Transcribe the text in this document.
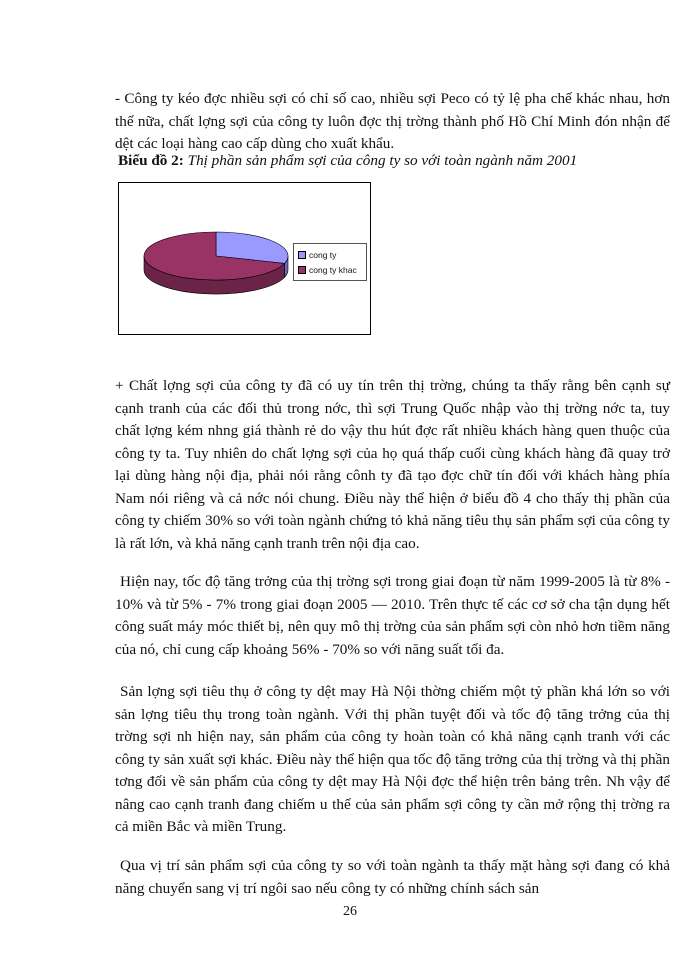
- Công ty kéo đợc nhiều sợi có chỉ số cao, nhiều sợi Peco có tỷ lệ pha chế khác nhau, hơn thế nữa, chất lợng sợi của công ty luôn đợc thị trờng thành phố Hồ Chí Minh đón nhận để dệt các loại hàng cao cấp dùng cho xuất khẩu.

Biểu đồ 2: Thị phần sản phẩm sợi của công ty so với toàn ngành năm 2001
cong ty
cong ty khac

+ Chất lợng sợi của công ty đã có uy tín trên thị trờng, chúng ta thấy rằng bên cạnh sự cạnh tranh của các đối thủ trong nớc, thì sợi Trung Quốc nhập vào thị trờng nớc ta, tuy chất lợng kém nhng giá thành rẻ do vậy thu hút đợc rất nhiều khách hàng quen thuộc của công ty ta. Tuy nhiên do chất lợng sợi của họ quá thấp cuối cùng khách hàng đã quay trở lại dùng hàng nội địa, phải nói rằng cônh ty đã tạo đợc chữ tín đối với khách hàng phía Nam nói riêng và cả nớc nói chung. Điều này thể hiện ở biểu đồ 4 cho thấy thị phần của công ty chiếm 30% so với toàn ngành chứng tỏ khả năng tiêu thụ sản phẩm sợi của công ty là rất lớn, và khả năng cạnh tranh trên nội địa cao.

Hiện nay, tốc độ tăng trởng của thị trờng sợi trong giai đoạn từ năm 1999-2005 là từ 8% - 10% và từ 5% - 7% trong giai đoạn 2005 — 2010. Trên thực tế các cơ sở cha tận dụng hết công suất máy móc thiết bị, nên quy mô thị trờng của sản phẩm sợi còn nhỏ hơn tiềm năng của nó, chỉ cung cấp khoảng 56% - 70% so với năng suất tối đa.

Sản lợng sợi tiêu thụ ở công ty dệt may Hà Nội thờng chiếm một tỷ phần khá lớn so với sản lợng tiêu thụ trong toàn ngành. Với thị phần tuyệt đối và tốc độ tăng trởng của thị trờng sợi nh hiện nay, sản phẩm của công ty hoàn toàn có khả năng cạnh tranh với các công ty sản xuất sợi khác. Điều này thể hiện qua tốc độ tăng trởng của thị trờng và thị phần tơng đối về sản phẩm của công ty dệt may Hà Nội đợc thể hiện trên bảng trên. Nh vậy để nâng cao cạnh tranh đang chiếm u thế của sản phẩm sợi công ty cần mở rộng thị trờng ra cả miền Bắc và miền Trung.

Qua vị trí sản phẩm sợi của công ty so với toàn ngành ta thấy mặt hàng sợi đang có khả năng chuyển sang vị trí ngôi sao nếu công ty có những chính sách sản

26
